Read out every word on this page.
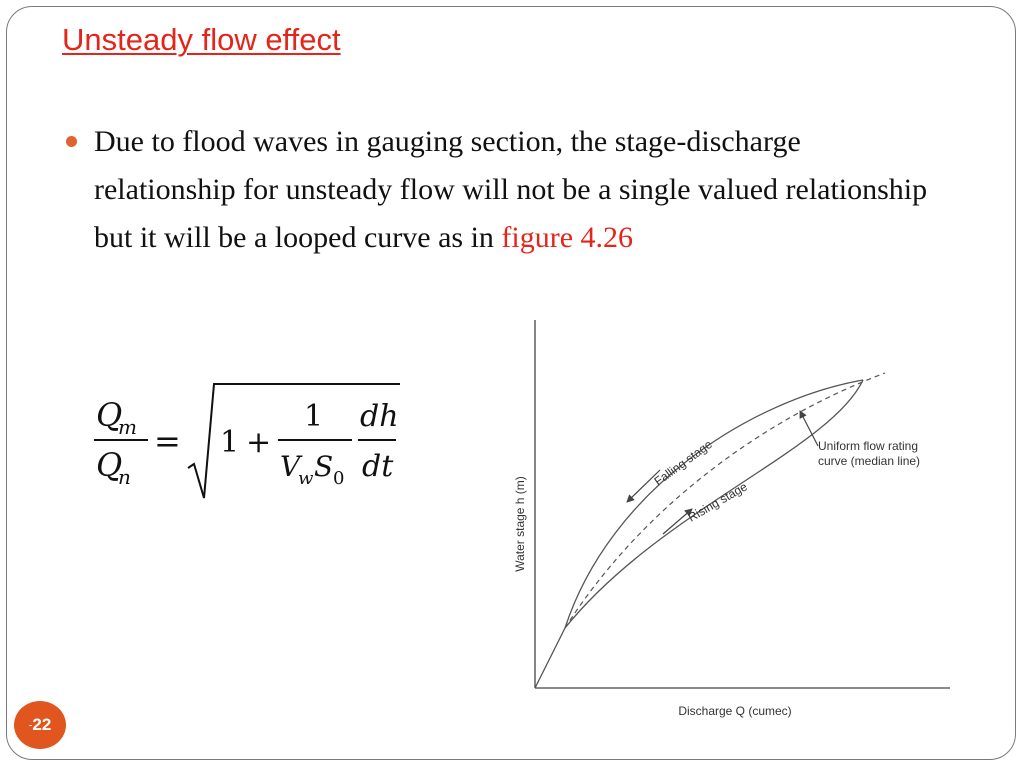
Unsteady flow effect
Due to flood waves in gauging section, the stage-discharge relationship for unsteady flow will not be a single valued relationship but it will be a looped curve as in figure 4.26
Q
m
Q
n
= 1 +
1
V
w S 0
dh
dt	Falling stage
Rising stage
Uniform flow rating
curve (median line)
Water stage h (m)
Discharge Q (cumec)
-22
